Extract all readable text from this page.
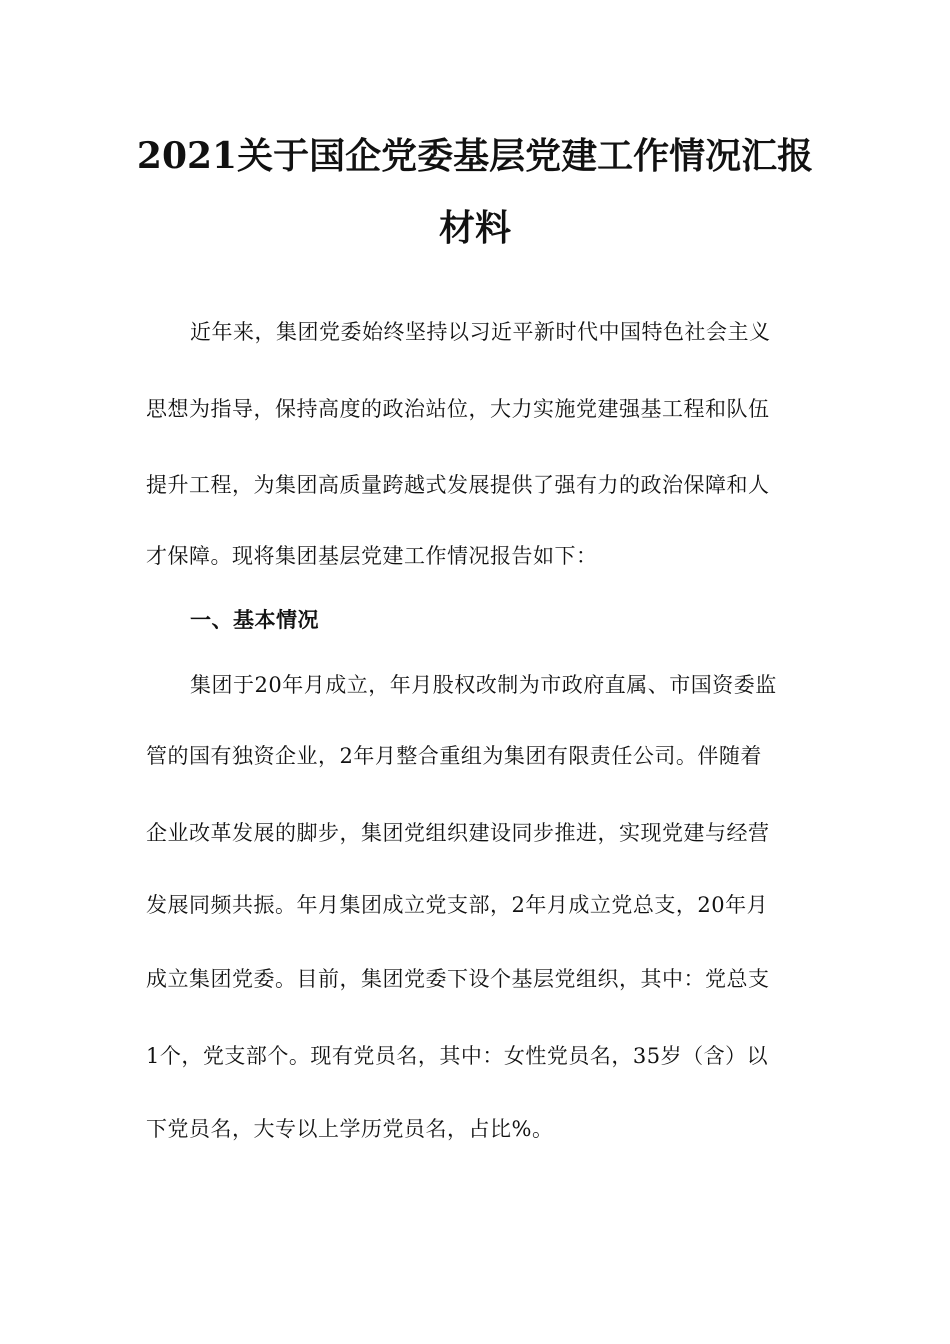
2021关于国企党委基层党建工作情况汇报
材料
近年来，集团党委始终坚持以习近平新时代中国特色社会主义
思想为指导，保持高度的政治站位，大力实施党建强基工程和队伍
提升工程，为集团高质量跨越式发展提供了强有力的政治保障和人
才保障。现将集团基层党建工作情况报告如下：
一、基本情况
集团于20年月成立，年月股权改制为市政府直属、市国资委监
管的国有独资企业，2年月整合重组为集团有限责任公司。伴随着
企业改革发展的脚步，集团党组织建设同步推进，实现党建与经营
发展同频共振。年月集团成立党支部，2年月成立党总支，20年月
成立集团党委。目前，集团党委下设个基层党组织，其中：党总支
1个，党支部个。现有党员名，其中：女性党员名，35岁（含）以
下党员名，大专以上学历党员名，占比%。
